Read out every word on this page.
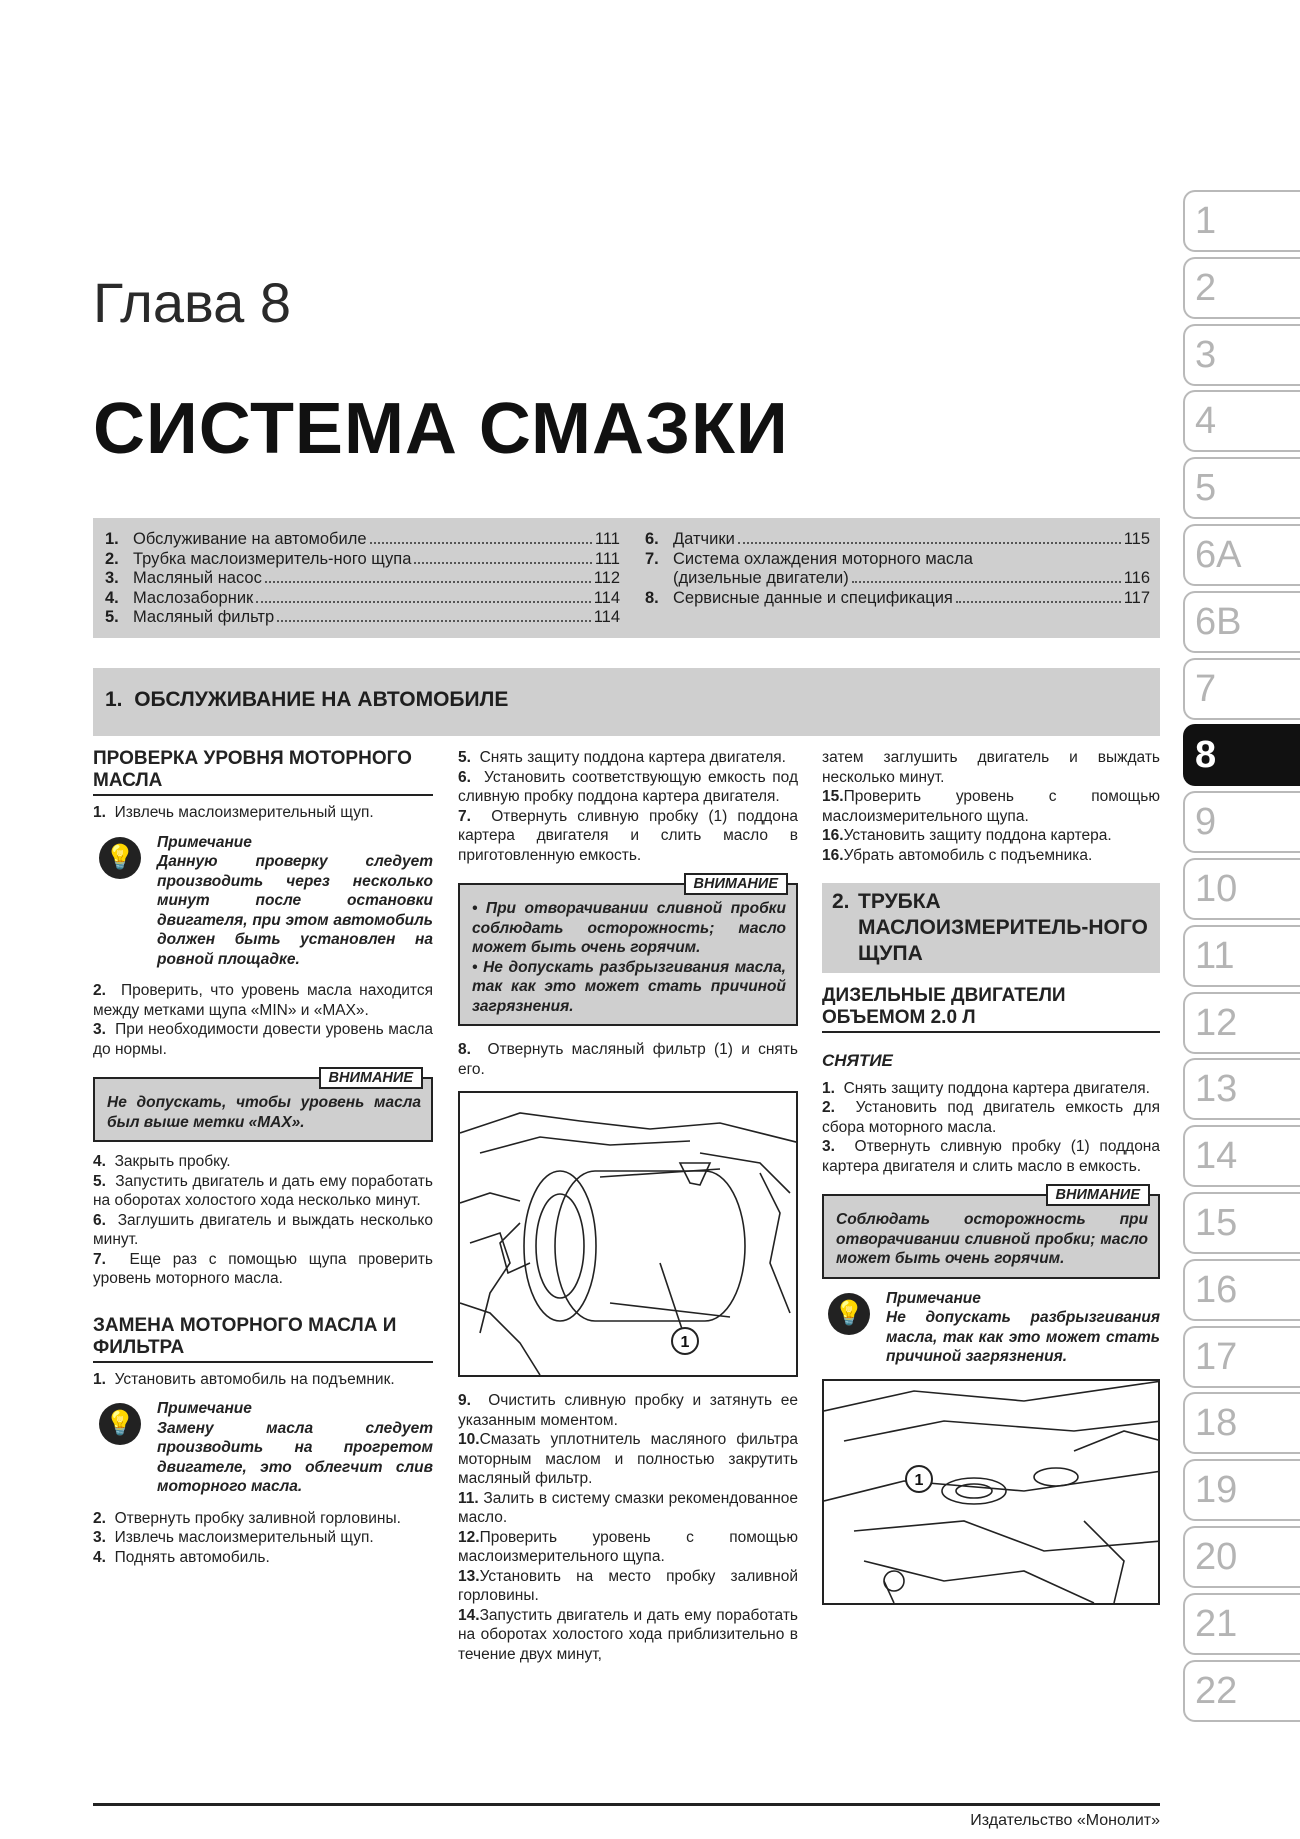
Глава 8
СИСТЕМА СМАЗКИ
1. Обслуживание на автомобиле	111
2. Трубка маслоизмеритель-ного щупа	111
3. Масляный насос	112
4. Маслозаборник	114
5. Масляный фильтр	114
6. Датчики	115
7. Система охлаждения моторного масла
(дизельные двигатели)	116
8. Сервисные данные и спецификация	117
1. ОБСЛУЖИВАНИЕ НА АВТОМОБИЛЕ
ПРОВЕРКА УРОВНЯ МОТОРНОГО МАСЛА
1. Извлечь маслоизмерительный щуп.
💡
Примечание
Данную проверку следует производить через несколько минут после остановки двигателя, при этом автомобиль должен быть установлен на ровной площадке.
2. Проверить, что уровень масла находится между метками щупа «MIN» и «MAX».
3. При необходимости довести уровень масла до нормы.
ВНИМАНИЕ
Не допускать, чтобы уровень масла был выше метки «MAX».
4. Закрыть пробку.
5. Запустить двигатель и дать ему поработать на оборотах холостого хода несколько минут.
6. Заглушить двигатель и выждать несколько минут.
7. Еще раз с помощью щупа проверить уровень моторного масла.
ЗАМЕНА МОТОРНОГО МАСЛА И ФИЛЬТРА
1. Установить автомобиль на подъемник.
💡
Примечание
Замену масла следует производить на прогретом двигателе, это облегчит слив моторного масла.
2. Отвернуть пробку заливной горловины.
3. Извлечь маслоизмерительный щуп.
4. Поднять автомобиль.
5. Снять защиту поддона картера двигателя.
6. Установить соответствующую емкость под сливную пробку поддона картера двигателя.
7. Отвернуть сливную пробку (1) поддона картера двигателя и слить масло в приготовленную емкость.
ВНИМАНИЕ
• При отворачивании сливной пробки соблюдать осторожность; масло может быть очень горячим.
• Не допускать разбрызгивания масла, так как это может стать причиной загрязнения.
8. Отвернуть масляный фильтр (1) и снять его.
1
9. Очистить сливную пробку и затянуть ее указанным моментом.
10.Смазать уплотнитель масляного фильтра моторным маслом и полностью закрутить масляный фильтр.
11. Залить в систему смазки рекомендованное масло.
12.Проверить уровень с помощью маслоизмерительного щупа.
13.Установить на место пробку заливной горловины.
14.Запустить двигатель и дать ему поработать на оборотах холостого хода приблизительно в течение двух минут,
затем заглушить двигатель и выждать несколько минут.
15.Проверить уровень с помощью маслоизмерительного щупа.
16.Установить защиту поддона картера.
16.Убрать автомобиль с подъемника.
2. ТРУБКА МАСЛОИЗМЕРИТЕЛЬ-НОГО ЩУПА
ДИЗЕЛЬНЫЕ ДВИГАТЕЛИ ОБЪЕМОМ 2.0 Л
СНЯТИЕ
1. Снять защиту поддона картера двигателя.
2. Установить под двигатель емкость для сбора моторного масла.
3. Отвернуть сливную пробку (1) поддона картера двигателя и слить масло в емкость.
ВНИМАНИЕ
Соблюдать осторожность при отворачивании сливной пробки; масло может быть очень горячим.
💡
Примечание
Не допускать разбрызгивания масла, так как это может стать причиной загрязнения.
1
1
2
3
4
5
6A
6B
7
8
9
10
11
12
13
14
15
16
17
18
19
20
21
22
Издательство «Монолит»
